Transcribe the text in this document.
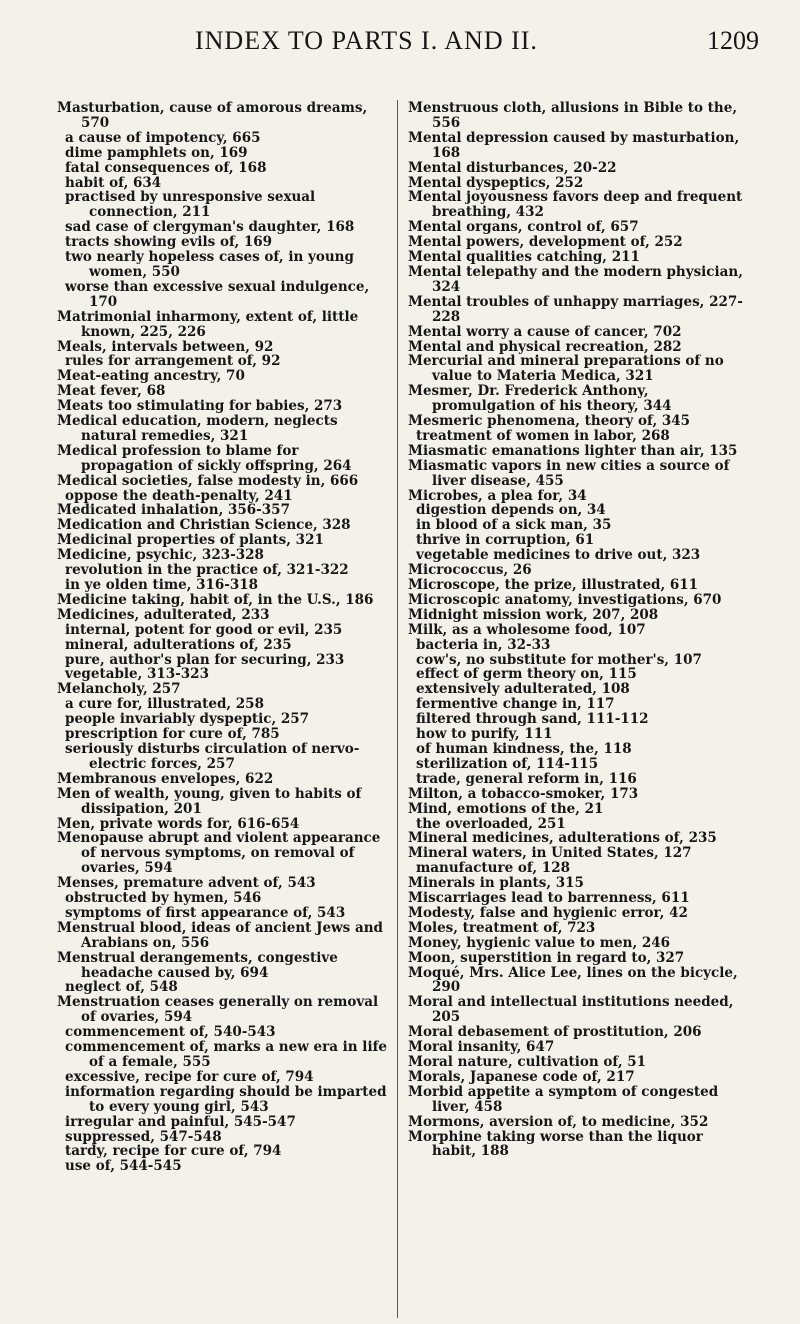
INDEX TO PARTS I. AND II.	1209

Masturbation, cause of amorous dreams, 570

a cause of impotency, 665

dime pamphlets on, 169

fatal consequences of, 168

habit of, 634

practised by unresponsive sexual connection, 211

sad case of clergyman's daughter, 168

tracts showing evils of, 169

two nearly hopeless cases of, in young women, 550

worse than excessive sexual indulgence, 170

Matrimonial inharmony, extent of, little known, 225, 226

Meals, intervals between, 92

rules for arrangement of, 92

Meat-eating ancestry, 70

Meat fever, 68

Meats too stimulating for babies, 273

Medical education, modern, neglects natural remedies, 321

Medical profession to blame for propagation of sickly offspring, 264

Medical societies, false modesty in, 666

oppose the death-penalty, 241

Medicated inhalation, 356-357

Medication and Christian Science, 328

Medicinal properties of plants, 321

Medicine, psychic, 323-328

revolution in the practice of, 321-322

in ye olden time, 316-318

Medicine taking, habit of, in the U.S., 186

Medicines, adulterated, 233

internal, potent for good or evil, 235

mineral, adulterations of, 235

pure, author's plan for securing, 233

vegetable, 313-323

Melancholy, 257

a cure for, illustrated, 258

people invariably dyspeptic, 257

prescription for cure of, 785

seriously disturbs circulation of nervo-electric forces, 257

Membranous envelopes, 622

Men of wealth, young, given to habits of dissipation, 201

Men, private words for, 616-654

Menopause abrupt and violent appearance of nervous symptoms, on removal of ovaries, 594

Menses, premature advent of, 543

obstructed by hymen, 546

symptoms of first appearance of, 543

Menstrual blood, ideas of ancient Jews and Arabians on, 556

Menstrual derangements, congestive headache caused by, 694

neglect of, 548

Menstruation ceases generally on removal of ovaries, 594

commencement of, 540-543

commencement of, marks a new era in life of a female, 555

excessive, recipe for cure of, 794

information regarding should be imparted to every young girl, 543

irregular and painful, 545-547

suppressed, 547-548

tardy, recipe for cure of, 794

use of, 544-545

Menstruous cloth, allusions in Bible to the, 556

Mental depression caused by masturbation, 168

Mental disturbances, 20-22

Mental dyspeptics, 252

Mental joyousness favors deep and frequent breathing, 432

Mental organs, control of, 657

Mental powers, development of, 252

Mental qualities catching, 211

Mental telepathy and the modern physician, 324

Mental troubles of unhappy marriages, 227-228

Mental worry a cause of cancer, 702

Mental and physical recreation, 282

Mercurial and mineral preparations of no value to Materia Medica, 321

Mesmer, Dr. Frederick Anthony, promulgation of his theory, 344

Mesmeric phenomena, theory of, 345

treatment of women in labor, 268

Miasmatic emanations lighter than air, 135

Miasmatic vapors in new cities a source of liver disease, 455

Microbes, a plea for, 34

digestion depends on, 34

in blood of a sick man, 35

thrive in corruption, 61

vegetable medicines to drive out, 323

Micrococcus, 26

Microscope, the prize, illustrated, 611

Microscopic anatomy, investigations, 670

Midnight mission work, 207, 208

Milk, as a wholesome food, 107

bacteria in, 32-33

cow's, no substitute for mother's, 107

effect of germ theory on, 115

extensively adulterated, 108

fermentive change in, 117

filtered through sand, 111-112

how to purify, 111

of human kindness, the, 118

sterilization of, 114-115

trade, general reform in, 116

Milton, a tobacco-smoker, 173

Mind, emotions of the, 21

the overloaded, 251

Mineral medicines, adulterations of, 235

Mineral waters, in United States, 127

manufacture of, 128

Minerals in plants, 315

Miscarriages lead to barrenness, 611

Modesty, false and hygienic error, 42

Moles, treatment of, 723

Money, hygienic value to men, 246

Moon, superstition in regard to, 327

Moqué, Mrs. Alice Lee, lines on the bicycle, 290

Moral and intellectual institutions needed, 205

Moral debasement of prostitution, 206

Moral insanity, 647

Moral nature, cultivation of, 51

Morals, Japanese code of, 217

Morbid appetite a symptom of congested liver, 458

Mormons, aversion of, to medicine, 352

Morphine taking worse than the liquor habit, 188
